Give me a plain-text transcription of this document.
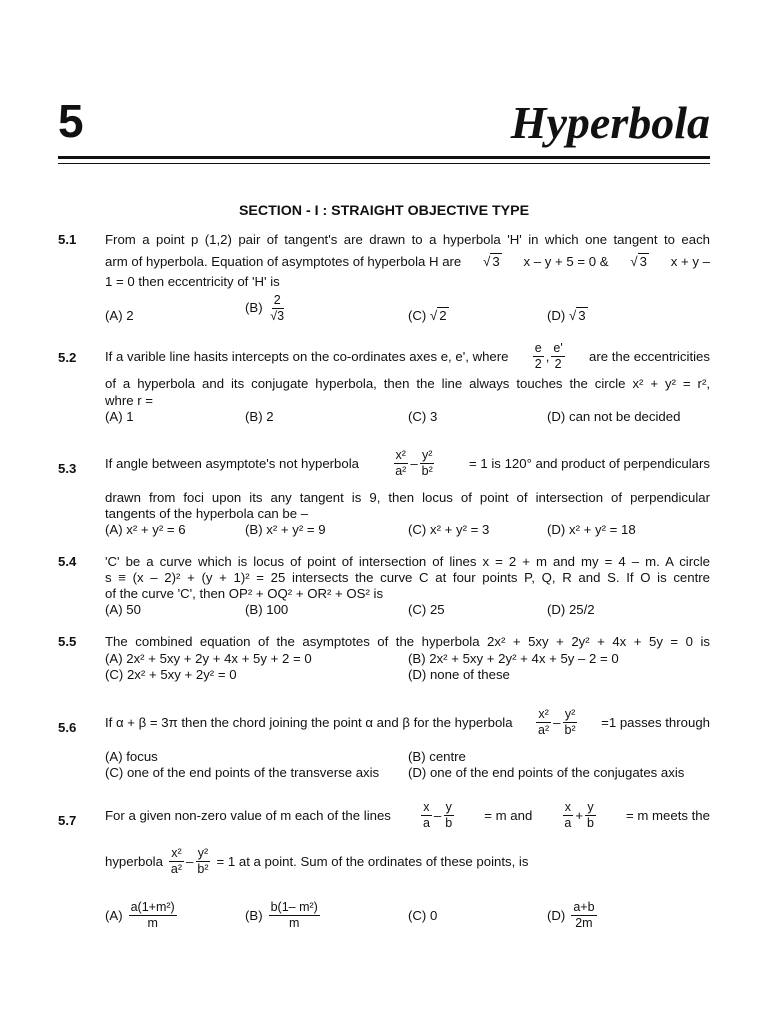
5	Hyperbola
SECTION - I : STRAIGHT OBJECTIVE TYPE
5.1 From a point p (1,2) pair of tangent's are drawn to a hyperbola 'H' in which one tangent to each
arm of hyperbola. Equation of asymptotes of hyperbola H are √ 3 x – y + 5 = 0 & √ 3 x + y –
1 = 0 then eccentricity of 'H' is
(A) 2
$(B) \frac{2}{√3}$	(C) √ 2	(D) √ 3
5.2 If a varible line hasits intercepts on the co-ordinates axes e, e', where $\frac{e}{2}$ , $\frac{e'}{2}$ are the eccentricities
of a hyperbola and its conjugate hyperbola, then the line always touches the circle x² + y² = r²,
whre r =
(A) 1	(B) 2	(C) 3	(D) can not be decided
5.3 If angle between asymptote's not hyperbola	$\frac{\text{x²}}{\text{a²}} - \frac{\text{y²}}{\text{b²}}$	= 1 is 120° and product of perpendiculars
drawn from foci upon its any tangent is 9, then locus of point of intersection of perpendicular
tangents of the hyperbola can be –
(A) x² + y² = 6	(B) x² + y² = 9	(C) x² + y² = 3	(D) x² + y² = 18
5.4 'C' be a curve which is locus of point of intersection of lines x = 2 + m and my = 4 – m. A circle
s ≡ (x – 2)² + (y + 1)² = 25 intersects the curve C at four points P, Q, R and S. If O is centre
of the curve 'C', then OP² + OQ² + OR² + OS² is
(A) 50	(B) 100	(C) 25	(D) 25/2
5.5 The combined equation of the asymptotes of the hyperbola 2x² + 5xy + 2y² + 4x + 5y = 0 is
(A) 2x² + 5xy + 2y + 4x + 5y + 2 = 0	(B) 2x² + 5xy + 2y² + 4x + 5y – 2 = 0
(C) 2x² + 5xy + 2y² = 0	(D) none of these
5.6 If α + β = 3π then the chord joining the point α and β for the hyperbola $\frac{\text{x²}}{\text{a²}} - \frac{\text{y²}}{\text{b²}} =1$ passes through
(A) focus	(B) centre
(C) one of the end points of the transverse axis (D) one of the end points of the conjugates axis
5.7 For a given non-zero value of m each of the lines $\frac{x}{a} - \frac{y}{b} = m$ and $\frac{x}{a} + \frac{y}{b} = m$ meets the
hyperbola $\frac{\text{x²}}{\text{a²}} - \frac{\text{y²}}{\text{b²}} = 1$ at a point. Sum of the ordinates of these points, is
$(A) \frac{\text{a(1+m²)}}{m}$	$(B) \frac{\text{b(1– m²)}}{m}$	(C) 0	$(D) \frac{a+b}{2m}$
